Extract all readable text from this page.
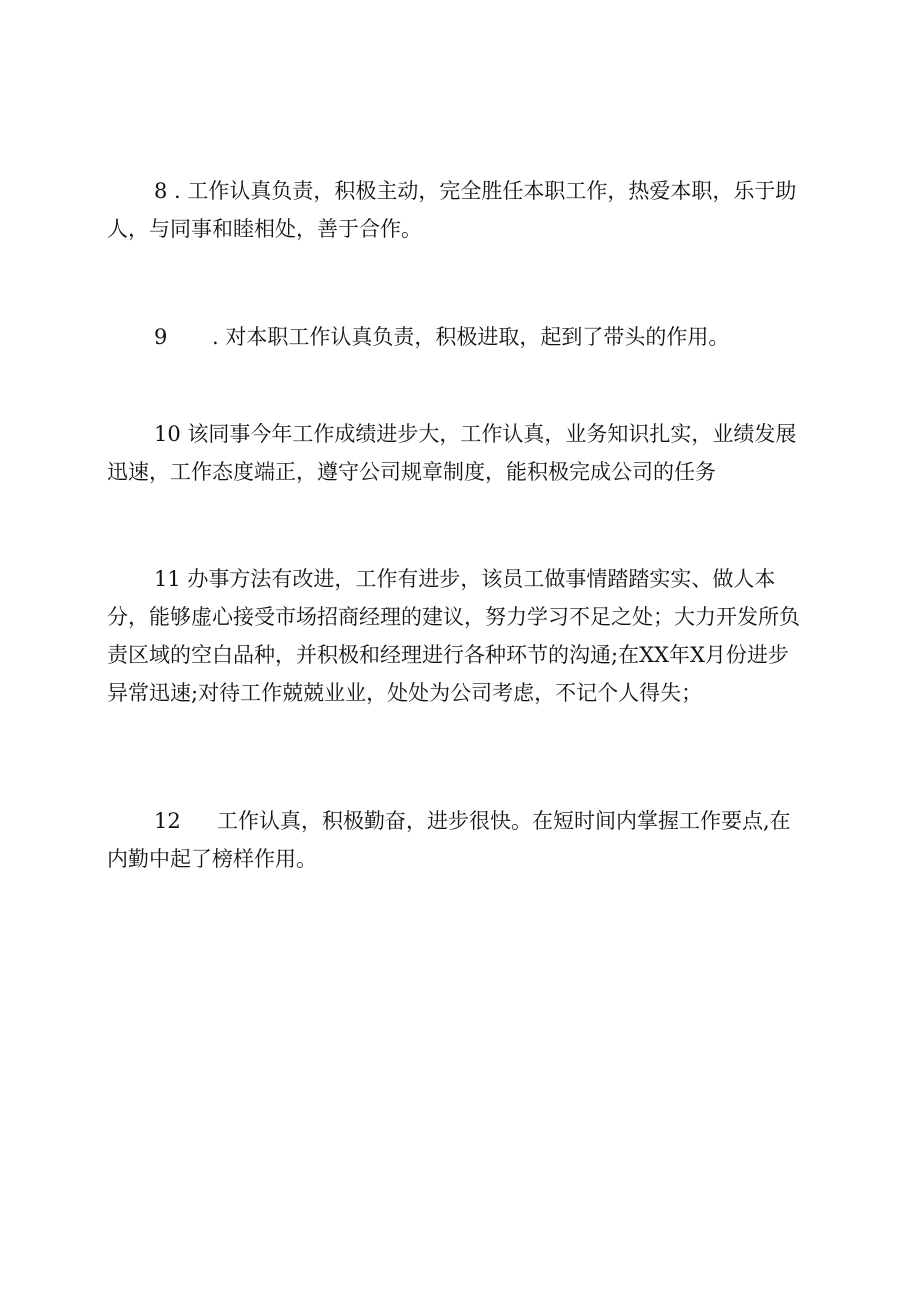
8 . 工作认真负责，积极主动，完全胜任本职工作，热爱本职，乐于助
人，与同事和睦相处，善于合作。
9 . 对本职工作认真负责，积极进取，起到了带头的作用。
10 该同事今年工作成绩进步大，工作认真，业务知识扎实，业绩发展
迅速，工作态度端正，遵守公司规章制度，能积极完成公司的任务
11 办事方法有改进，工作有进步，该员工做事情踏踏实实、做人本
分，能够虚心接受市场招商经理的建议，努力学习不足之处；大力开发所负
责区域的空白品种，并积极和经理进行各种环节的沟通;在XX年X月份进步
异常迅速;对待工作兢兢业业，处处为公司考虑，不记个人得失；
12 工作认真，积极勤奋，进步很快。在短时间内掌握工作要点,在
内勤中起了榜样作用。
